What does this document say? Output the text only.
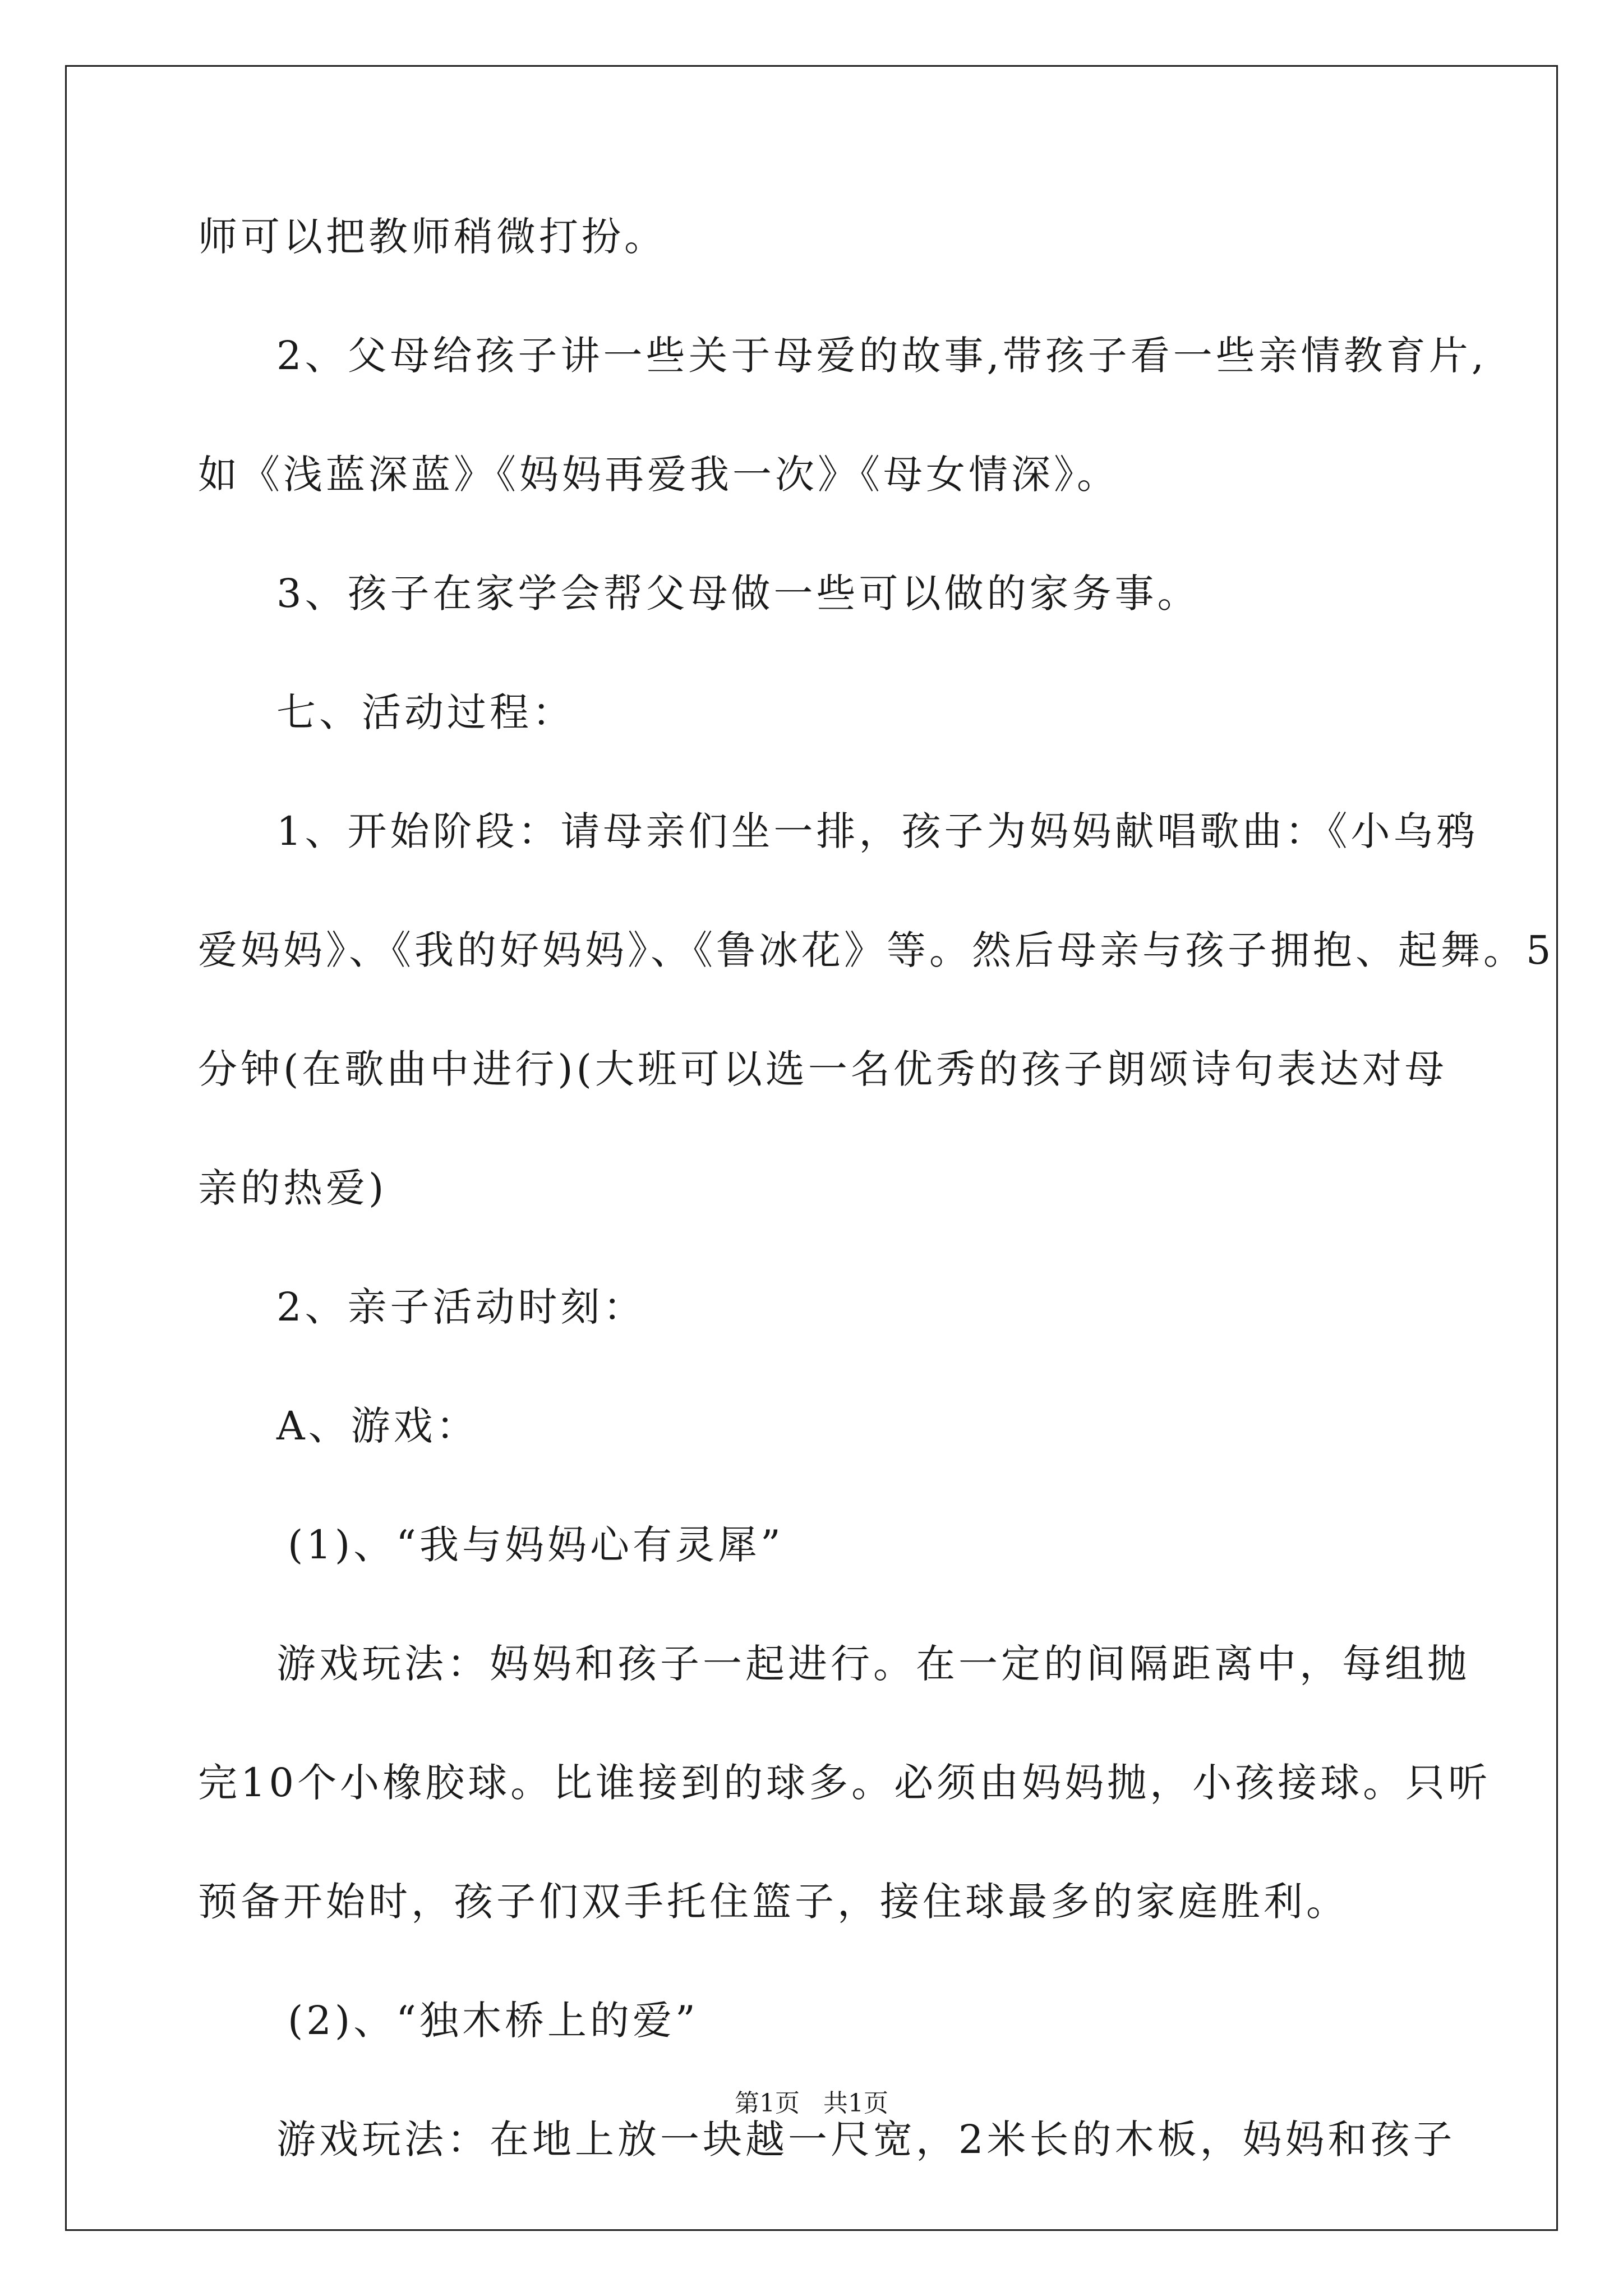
师可以把教师稍微打扮。
2、父母给孩子讲一些关于母爱的故事,带孩子看一些亲情教育片,
如《浅蓝深蓝》《妈妈再爱我一次》《母女情深》。
3、孩子在家学会帮父母做一些可以做的家务事。
七、活动过程：
1、开始阶段：请母亲们坐一排，孩子为妈妈献唱歌曲：《小乌鸦
爱妈妈》、《我的好妈妈》、《鲁冰花》等。然后母亲与孩子拥抱、起舞。5
分钟(在歌曲中进行)(大班可以选一名优秀的孩子朗颂诗句表达对母
亲的热爱)
2、亲子活动时刻：
A、游戏：
(1)、“我与妈妈心有灵犀”
游戏玩法：妈妈和孩子一起进行。在一定的间隔距离中，每组抛
完10个小橡胶球。比谁接到的球多。必须由妈妈抛，小孩接球。只听
预备开始时，孩子们双手托住篮子，接住球最多的家庭胜利。
(2)、“独木桥上的爱”
游戏玩法：在地上放一块越一尺宽，2米长的木板，妈妈和孩子
第1页 共1页
